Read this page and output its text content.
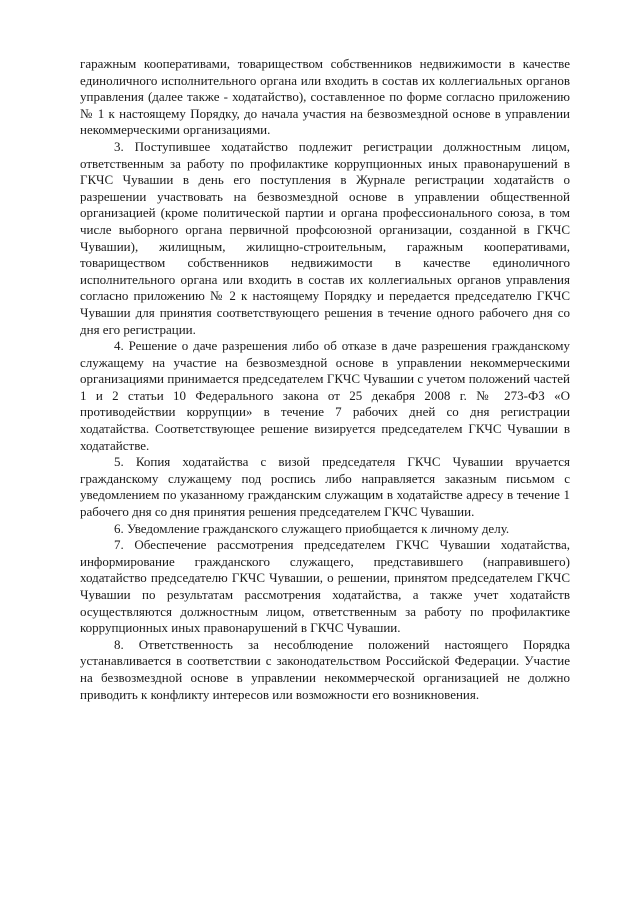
гаражным кооперативами, товариществом собственников недвижимости в качестве единоличного исполнительного органа или входить в состав их коллегиальных органов управления (далее также - ходатайство), составленное по форме согласно приложению № 1 к настоящему Порядку, до начала участия на безвозмездной основе в управлении некоммерческими организациями.

3. Поступившее ходатайство подлежит регистрации должностным лицом, ответственным за работу по профилактике коррупционных иных правонарушений в ГКЧС Чувашии в день его поступления в Журнале регистрации ходатайств о разрешении участвовать на безвозмездной основе в управлении общественной организацией (кроме политической партии и органа профессионального союза, в том числе выборного органа первичной профсоюзной организации, созданной в ГКЧС Чувашии), жилищным, жилищно-строительным, гаражным кооперативами, товариществом собственников недвижимости в качестве единоличного исполнительного органа или входить в состав их коллегиальных органов управления согласно приложению № 2 к настоящему Порядку и передается председателю ГКЧС Чувашии для принятия соответствующего решения в течение одного рабочего дня со дня его регистрации.

4. Решение о даче разрешения либо об отказе в даче разрешения гражданскому служащему на участие на безвозмездной основе в управлении некоммерческими организациями принимается председателем ГКЧС Чувашии с учетом положений частей 1 и 2 статьи 10 Федерального закона от 25 декабря 2008 г. № 273-ФЗ «О противодействии коррупции» в течение 7 рабочих дней со дня регистрации ходатайства. Соответствующее решение визируется председателем ГКЧС Чувашии в ходатайстве.

5. Копия ходатайства с визой председателя ГКЧС Чувашии вручается гражданскому служащему под роспись либо направляется заказным письмом с уведомлением по указанному гражданским служащим в ходатайстве адресу в течение 1 рабочего дня со дня принятия решения председателем ГКЧС Чувашии.

6. Уведомление гражданского служащего приобщается к личному делу.

7. Обеспечение рассмотрения председателем ГКЧС Чувашии ходатайства, информирование гражданского служащего, представившего (направившего) ходатайство председателю ГКЧС Чувашии, о решении, принятом председателем ГКЧС Чувашии по результатам рассмотрения ходатайства, а также учет ходатайств осуществляются должностным лицом, ответственным за работу по профилактике коррупционных иных правонарушений в ГКЧС Чувашии.

8. Ответственность за несоблюдение положений настоящего Порядка устанавливается в соответствии с законодательством Российской Федерации. Участие на безвозмездной основе в управлении некоммерческой организацией не должно приводить к конфликту интересов или возможности его возникновения.
